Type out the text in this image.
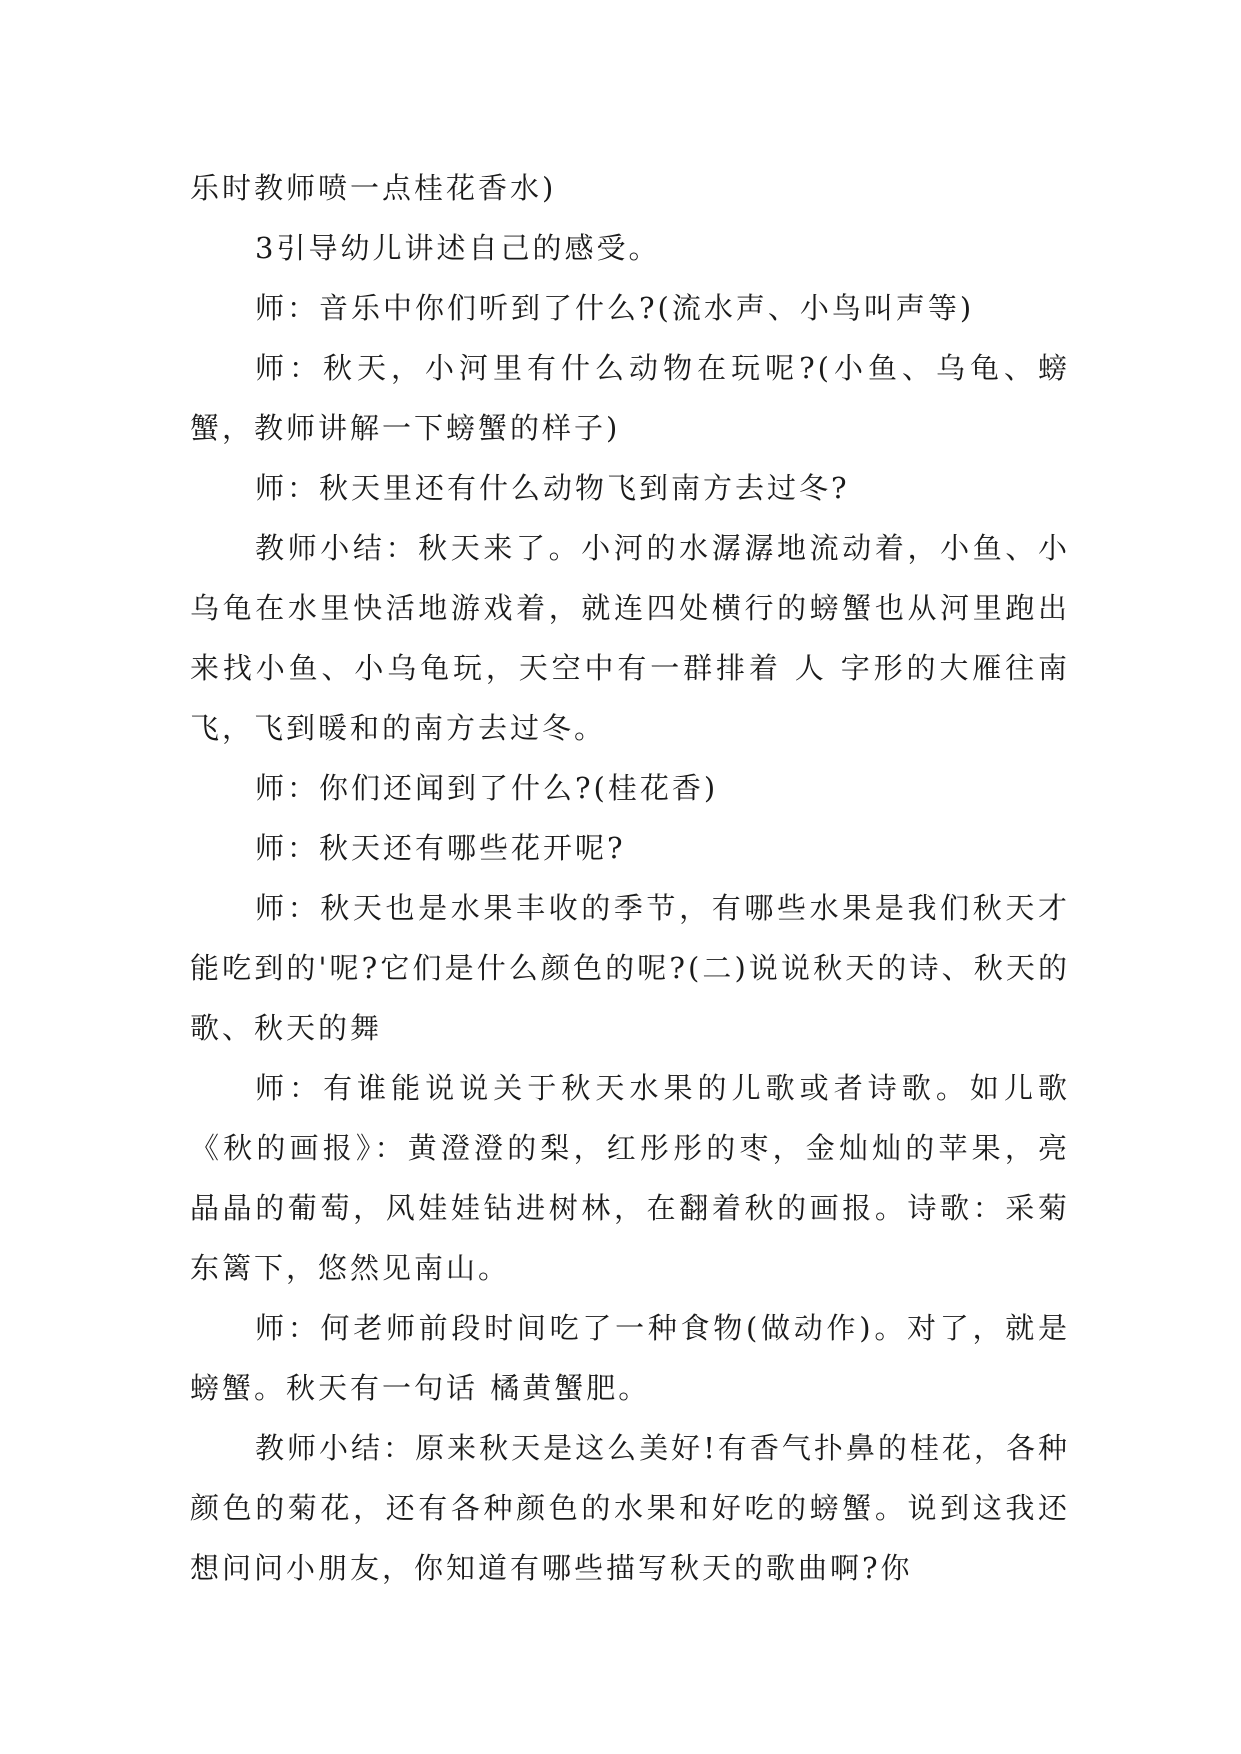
乐时教师喷一点桂花香水)

3引导幼儿讲述自己的感受。

师：音乐中你们听到了什么?(流水声、小鸟叫声等)

师：秋天，小河里有什么动物在玩呢?(小鱼、乌龟、螃蟹，教师讲解一下螃蟹的样子)

师：秋天里还有什么动物飞到南方去过冬?

教师小结：秋天来了。小河的水潺潺地流动着，小鱼、小乌龟在水里快活地游戏着，就连四处横行的螃蟹也从河里跑出来找小鱼、小乌龟玩，天空中有一群排着 人 字形的大雁往南飞，飞到暖和的南方去过冬。

师：你们还闻到了什么?(桂花香)

师：秋天还有哪些花开呢?

师：秋天也是水果丰收的季节，有哪些水果是我们秋天才能吃到的'呢?它们是什么颜色的呢?(二)说说秋天的诗、秋天的歌、秋天的舞

师：有谁能说说关于秋天水果的儿歌或者诗歌。如儿歌《秋的画报》：黄澄澄的梨，红彤彤的枣，金灿灿的苹果，亮晶晶的葡萄，风娃娃钻进树林，在翻着秋的画报。诗歌：采菊东篱下，悠然见南山。

师：何老师前段时间吃了一种食物(做动作)。对了，就是螃蟹。秋天有一句话 橘黄蟹肥。

教师小结：原来秋天是这么美好!有香气扑鼻的桂花，各种颜色的菊花，还有各种颜色的水果和好吃的螃蟹。说到这我还想问问小朋友，你知道有哪些描写秋天的歌曲啊?你
